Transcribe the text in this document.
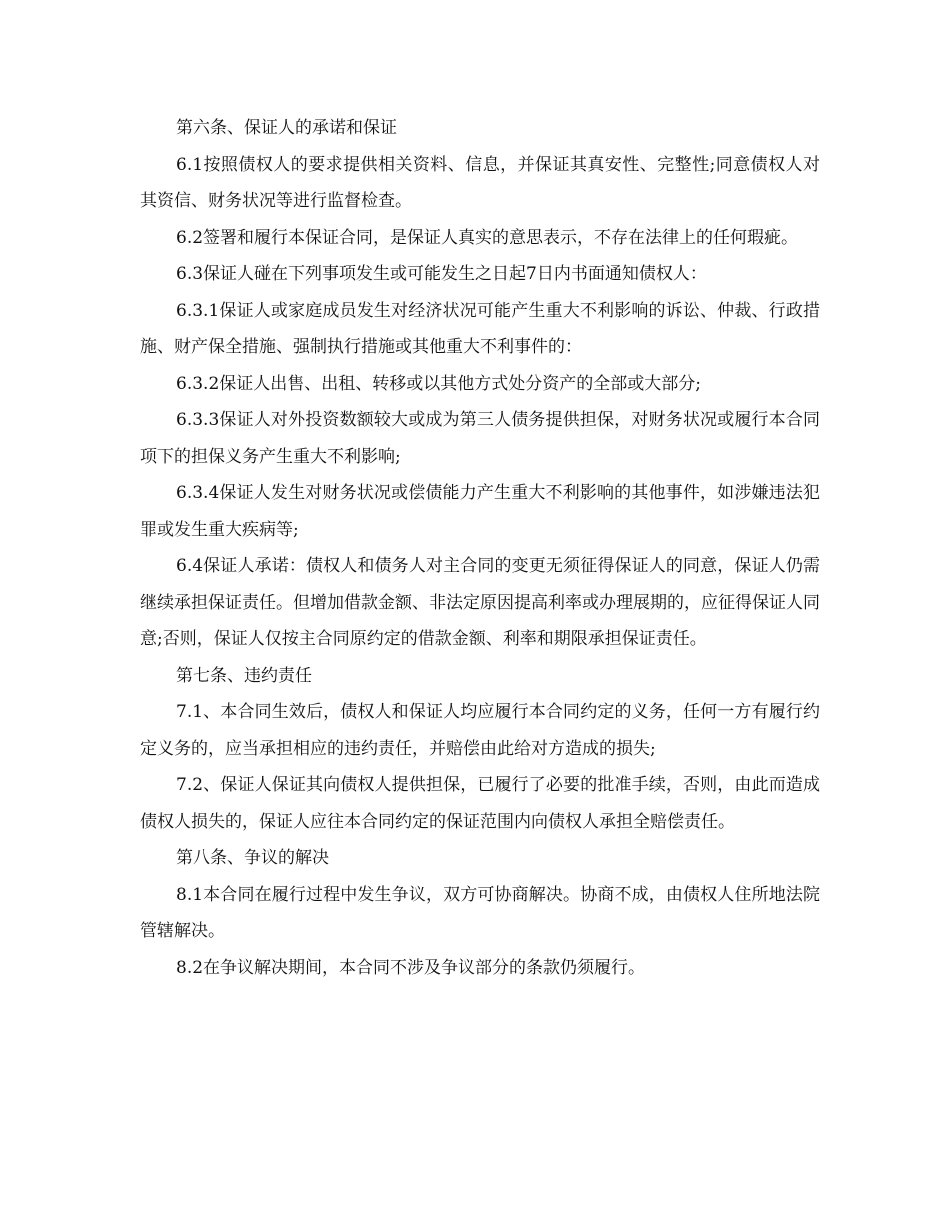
第六条、保证人的承诺和保证

6.1按照债权人的要求提供相关资料、信息，并保证其真安性、完整性;同意债权人对其资信、财务状况等进行监督检查。

6.2签署和履行本保证合同，是保证人真实的意思表示，不存在法律上的任何瑕疵。

6.3保证人碰在下列事项发生或可能发生之日起7日内书面通知债权人：

6.3.1保证人或家庭成员发生对经济状况可能产生重大不利影响的诉讼、仲裁、行政措施、财产保全措施、强制执行措施或其他重大不利事件的：

6.3.2保证人出售、出租、转移或以其他方式处分资产的全部或大部分;

6.3.3保证人对外投资数额较大或成为第三人债务提供担保，对财务状况或履行本合同项下的担保义务产生重大不利影响;

6.3.4保证人发生对财务状况或偿债能力产生重大不利影响的其他事件，如涉嫌违法犯罪或发生重大疾病等;

6.4保证人承诺：债权人和债务人对主合同的变更无须征得保证人的同意，保证人仍需继续承担保证责任。但增加借款金额、非法定原因提高利率或办理展期的，应征得保证人同意;否则，保证人仅按主合同原约定的借款金额、利率和期限承担保证责任。

第七条、违约责任

7.1、本合同生效后，债权人和保证人均应履行本合同约定的义务，任何一方有履行约定义务的，应当承担相应的违约责任，并赔偿由此给对方造成的损失;

7.2、保证人保证其向债权人提供担保，已履行了必要的批准手续，否则，由此而造成债权人损失的，保证人应往本合同约定的保证范围内向债权人承担全赔偿责任。

第八条、争议的解决

8.1本合同在履行过程中发生争议，双方可协商解决。协商不成，由债权人住所地法院管辖解决。

8.2在争议解决期间，本合同不涉及争议部分的条款仍须履行。
